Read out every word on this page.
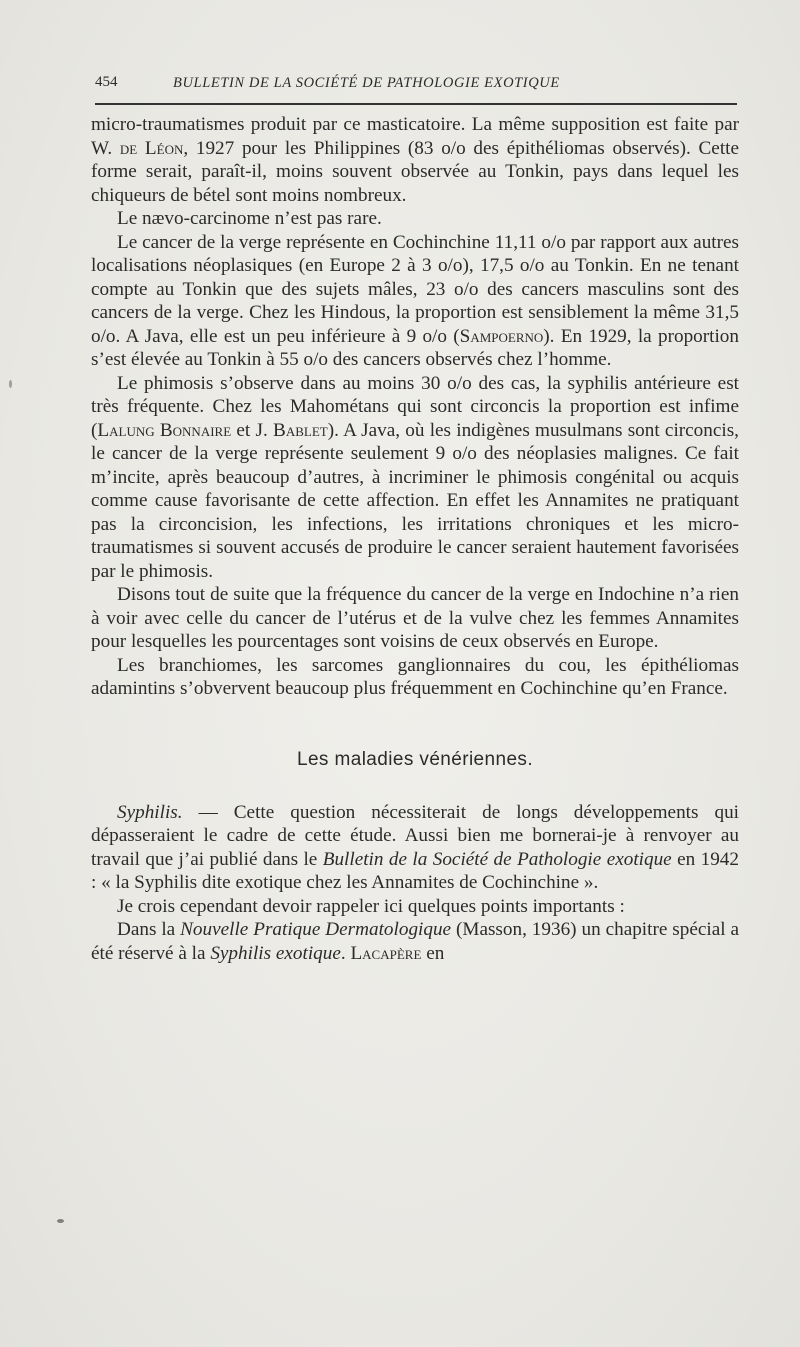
454	BULLETIN DE LA SOCIÉTÉ DE PATHOLOGIE EXOTIQUE

micro-traumatismes produit par ce masticatoire. La même supposition est faite par W. de Léon, 1927 pour les Philippines (83 o/o des épithéliomas observés). Cette forme serait, paraît-il, moins souvent observée au Tonkin, pays dans lequel les chiqueurs de bétel sont moins nombreux.

Le nævo-carcinome n’est pas rare.

Le cancer de la verge représente en Cochinchine 11,11 o/o par rapport aux autres localisations néoplasiques (en Europe 2 à 3 o/o), 17,5 o/o au Tonkin. En ne tenant compte au Tonkin que des sujets mâles, 23 o/o des cancers masculins sont des cancers de la verge. Chez les Hindous, la proportion est sensiblement la même 31,5 o/o. A Java, elle est un peu inférieure à 9 o/o (Sampoerno). En 1929, la proportion s’est élevée au Tonkin à 55 o/o des cancers observés chez l’homme.

Le phimosis s’observe dans au moins 30 o/o des cas, la syphilis antérieure est très fréquente. Chez les Mahométans qui sont circoncis la proportion est infime (Lalung Bonnaire et J. Bablet). A Java, où les indigènes musulmans sont circoncis, le cancer de la verge représente seulement 9 o/o des néoplasies malignes. Ce fait m’incite, après beaucoup d’autres, à incriminer le phimosis congénital ou acquis comme cause favorisante de cette affection. En effet les Annamites ne pratiquant pas la circoncision, les infections, les irritations chroniques et les micro-traumatismes si souvent accusés de produire le cancer seraient hautement favorisées par le phimosis.

Disons tout de suite que la fréquence du cancer de la verge en Indochine n’a rien à voir avec celle du cancer de l’utérus et de la vulve chez les femmes Annamites pour lesquelles les pourcentages sont voisins de ceux observés en Europe.

Les branchiomes, les sarcomes ganglionnaires du cou, les épithéliomas adamintins s’obvervent beaucoup plus fréquemment en Cochinchine qu’en France.

Les maladies vénériennes.

Syphilis. — Cette question nécessiterait de longs développements qui dépasseraient le cadre de cette étude. Aussi bien me bornerai-je à renvoyer au travail que j’ai publié dans le Bulletin de la Société de Pathologie exotique en 1942 : « la Syphilis dite exotique chez les Annamites de Cochinchine ».

Je crois cependant devoir rappeler ici quelques points importants :

Dans la Nouvelle Pratique Dermatologique (Masson, 1936) un chapitre spécial a été réservé à la Syphilis exotique. Lacapère en
